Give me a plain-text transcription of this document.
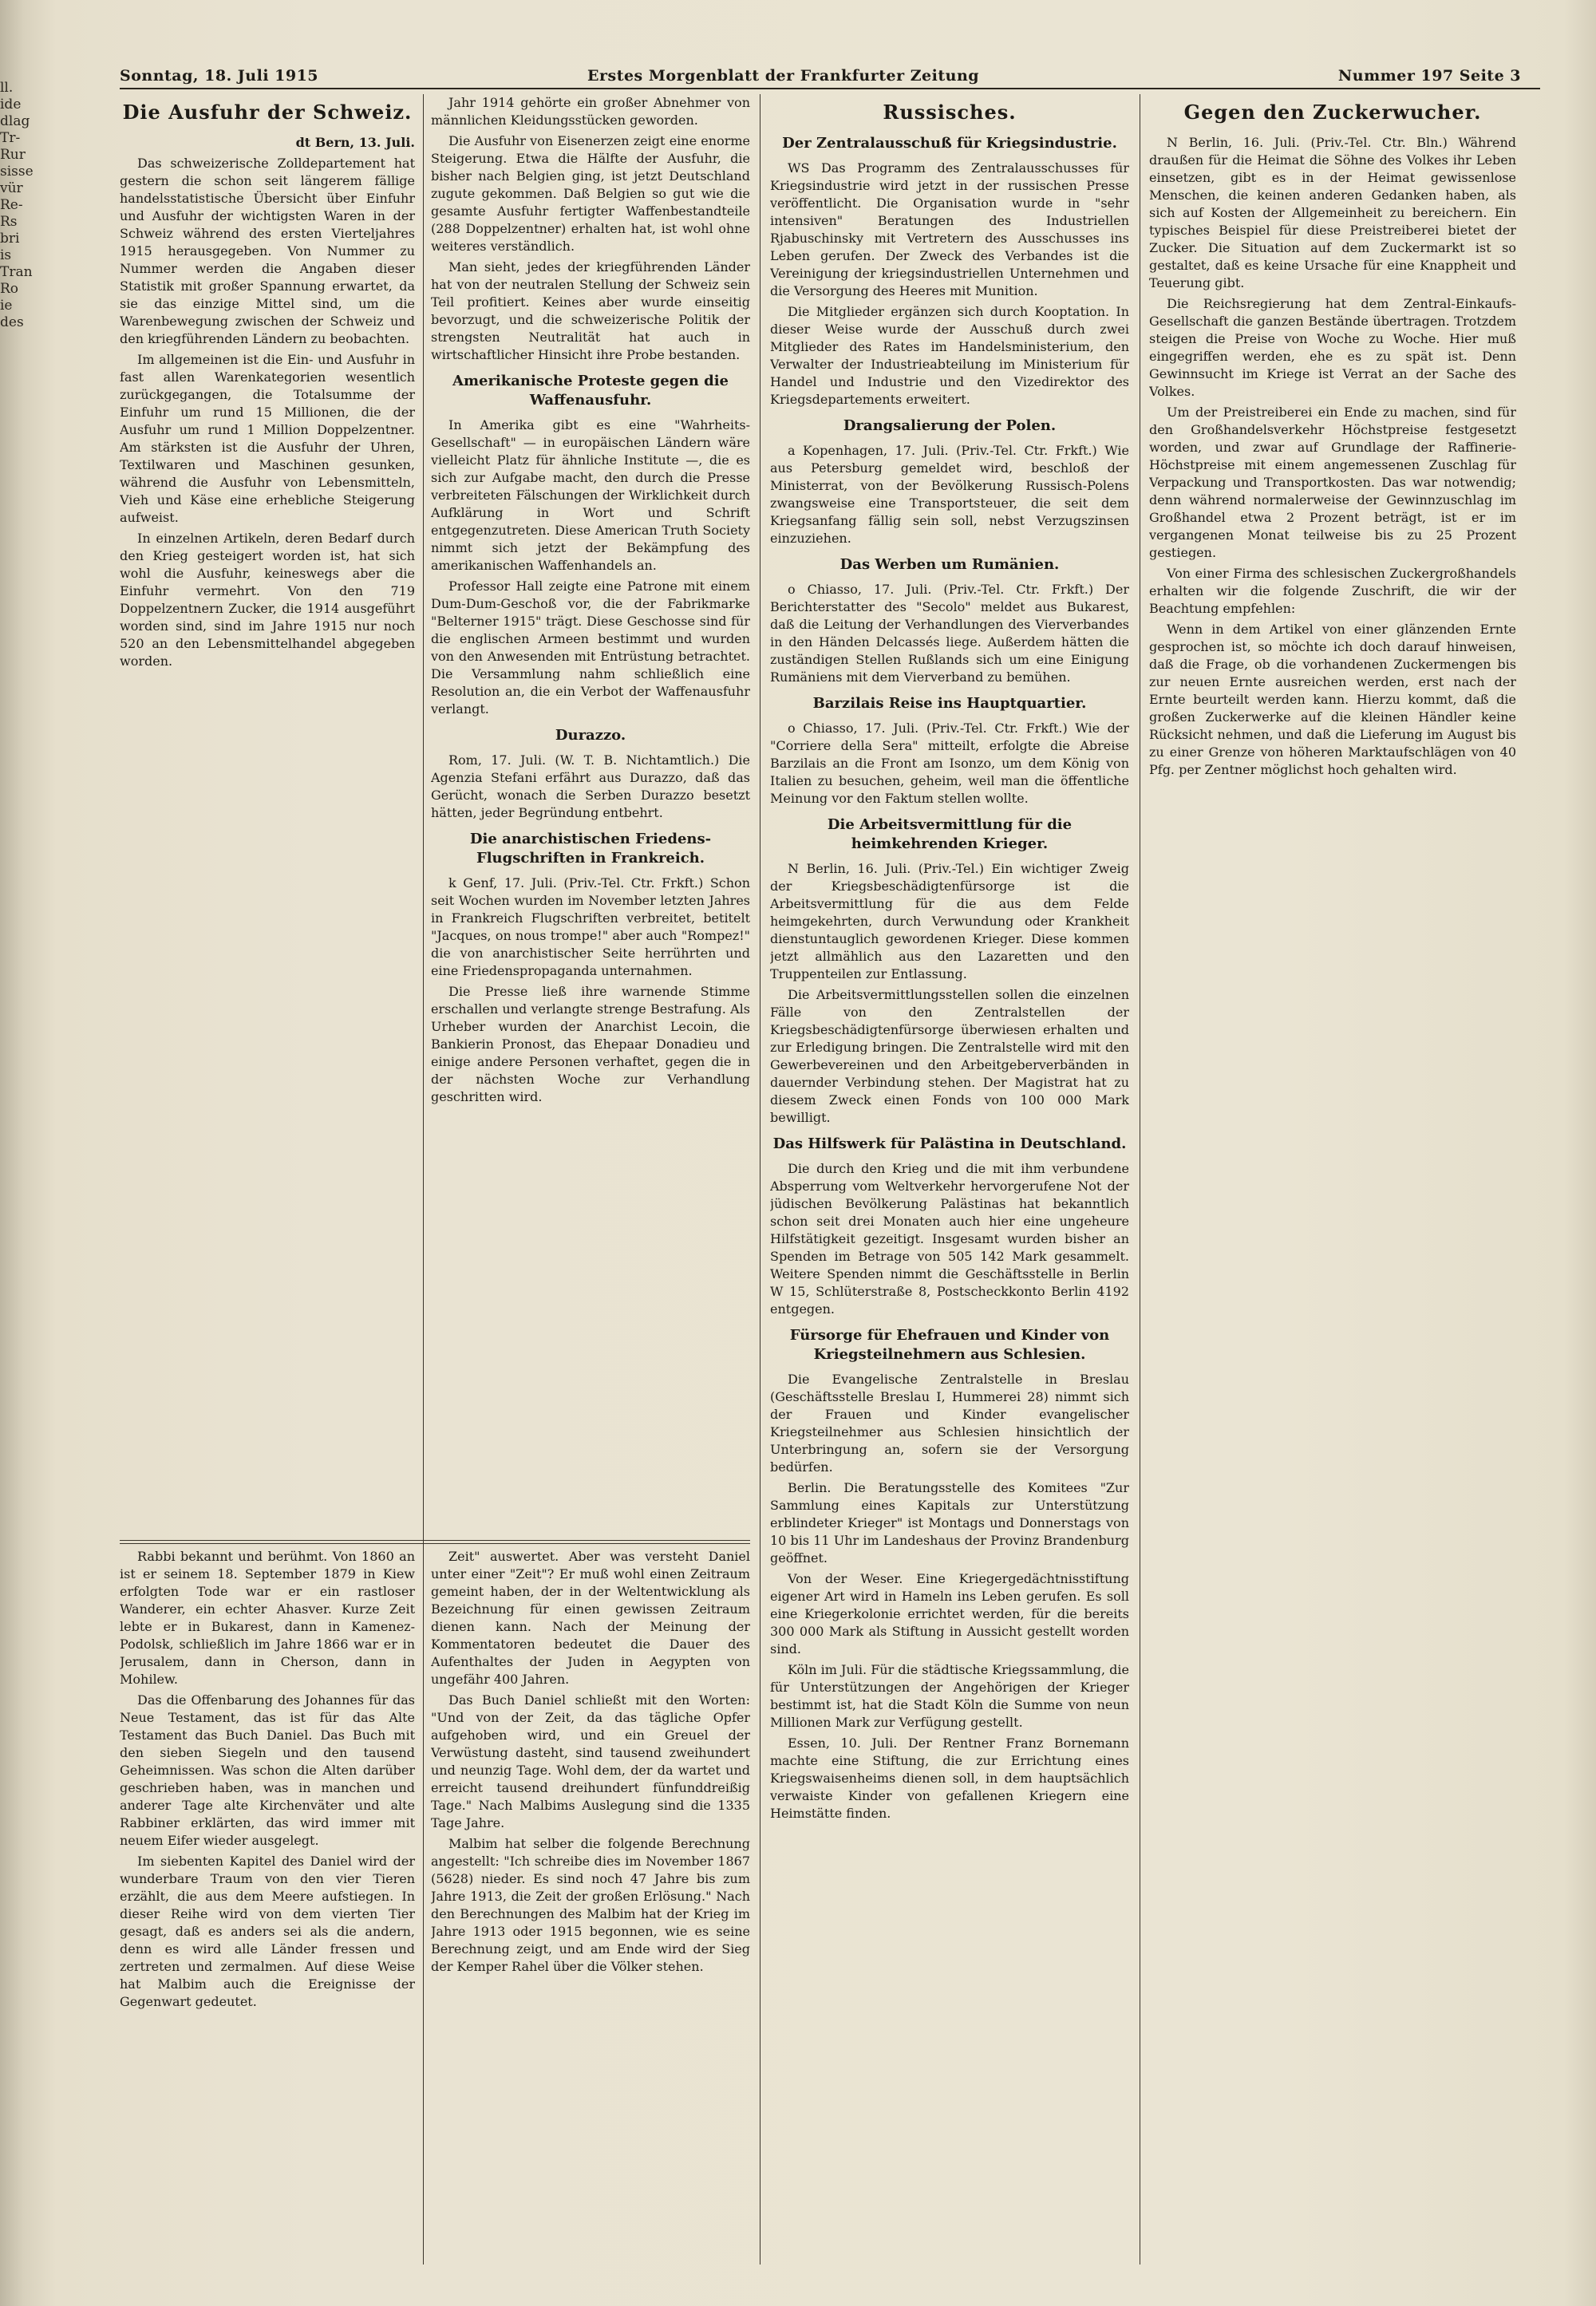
ll.
ide
dlag
Tr-
Rur
sisse
vür
Re-
Rs
bri
is
Tran
Ro
ie
des
Sonntag, 18. Juli 1915	Erstes Morgenblatt der Frankfurter Zeitung	Nummer 197 Seite 3
Die Ausfuhr der Schweiz.

dt Bern, 13. Juli.

Das schweizerische Zolldepartement hat gestern die schon seit längerem fällige handelsstatistische Übersicht über Einfuhr und Ausfuhr der wichtigsten Waren in der Schweiz während des ersten Vierteljahres 1915 herausgegeben. Von Nummer zu Nummer werden die Angaben dieser Statistik mit großer Spannung erwartet, da sie das einzige Mittel sind, um die Warenbewegung zwischen der Schweiz und den kriegführenden Ländern zu beobachten.

Im allgemeinen ist die Ein- und Ausfuhr in fast allen Warenkategorien wesentlich zurückgegangen, die Totalsumme der Einfuhr um rund 15 Millionen, die der Ausfuhr um rund 1 Million Doppelzentner. Am stärksten ist die Ausfuhr der Uhren, Textilwaren und Maschinen gesunken, während die Ausfuhr von Lebensmitteln, Vieh und Käse eine erhebliche Steigerung aufweist.

In einzelnen Artikeln, deren Bedarf durch den Krieg gesteigert worden ist, hat sich wohl die Ausfuhr, keineswegs aber die Einfuhr vermehrt. Von den 719 Doppelzentnern Zucker, die 1914 ausgeführt worden sind, sind im Jahre 1915 nur noch 520 an den Lebensmittelhandel abgegeben worden.

Jahr 1914 gehörte ein großer Abnehmer von männlichen Kleidungsstücken geworden.

Die Ausfuhr von Eisenerzen zeigt eine enorme Steigerung. Etwa die Hälfte der Ausfuhr, die bisher nach Belgien ging, ist jetzt Deutschland zugute gekommen. Daß Belgien so gut wie die gesamte Ausfuhr fertigter Waffenbestandteile (288 Doppelzentner) erhalten hat, ist wohl ohne weiteres verständlich.

Man sieht, jedes der kriegführenden Länder hat von der neutralen Stellung der Schweiz sein Teil profitiert. Keines aber wurde einseitig bevorzugt, und die schweizerische Politik der strengsten Neutralität hat auch in wirtschaftlicher Hinsicht ihre Probe bestanden.

Amerikanische Proteste gegen die Waffenausfuhr.

In Amerika gibt es eine "Wahrheits-Gesellschaft" — in europäischen Ländern wäre vielleicht Platz für ähnliche Institute —, die es sich zur Aufgabe macht, den durch die Presse verbreiteten Fälschungen der Wirklichkeit durch Aufklärung in Wort und Schrift entgegenzutreten. Diese American Truth Society nimmt sich jetzt der Bekämpfung des amerikanischen Waffenhandels an.

Professor Hall zeigte eine Patrone mit einem Dum-Dum-Geschoß vor, die der Fabrikmarke "Belterner 1915" trägt. Diese Geschosse sind für die englischen Armeen bestimmt und wurden von den Anwesenden mit Entrüstung betrachtet. Die Versammlung nahm schließlich eine Resolution an, die ein Verbot der Waffenausfuhr verlangt.

Durazzo.

Rom, 17. Juli. (W. T. B. Nichtamtlich.) Die Agenzia Stefani erfährt aus Durazzo, daß das Gerücht, wonach die Serben Durazzo besetzt hätten, jeder Begründung entbehrt.

Die anarchistischen Friedens-Flugschriften in Frankreich.

k Genf, 17. Juli. (Priv.-Tel. Ctr. Frkft.) Schon seit Wochen wurden im November letzten Jahres in Frankreich Flugschriften verbreitet, betitelt "Jacques, on nous trompe!" aber auch "Rompez!" die von anarchistischer Seite herrührten und eine Friedenspropaganda unternahmen.

Die Presse ließ ihre warnende Stimme erschallen und verlangte strenge Bestrafung. Als Urheber wurden der Anarchist Lecoin, die Bankierin Pronost, das Ehepaar Donadieu und einige andere Personen verhaftet, gegen die in der nächsten Woche zur Verhandlung geschritten wird.

Russisches.
Der Zentralausschuß für Kriegsindustrie.

WS Das Programm des Zentralausschusses für Kriegsindustrie wird jetzt in der russischen Presse veröffentlicht. Die Organisation wurde in "sehr intensiven" Beratungen des Industriellen Rjabuschinsky mit Vertretern des Ausschusses ins Leben gerufen. Der Zweck des Verbandes ist die Vereinigung der kriegsindustriellen Unternehmen und die Versorgung des Heeres mit Munition.

Die Mitglieder ergänzen sich durch Kooptation. In dieser Weise wurde der Ausschuß durch zwei Mitglieder des Rates im Handelsministerium, den Verwalter der Industrieabteilung im Ministerium für Handel und Industrie und den Vizedirektor des Kriegsdepartements erweitert.

Drangsalierung der Polen.

a Kopenhagen, 17. Juli. (Priv.-Tel. Ctr. Frkft.) Wie aus Petersburg gemeldet wird, beschloß der Ministerrat, von der Bevölkerung Russisch-Polens zwangsweise eine Transportsteuer, die seit dem Kriegsanfang fällig sein soll, nebst Verzugszinsen einzuziehen.

Das Werben um Rumänien.

o Chiasso, 17. Juli. (Priv.-Tel. Ctr. Frkft.) Der Berichterstatter des "Secolo" meldet aus Bukarest, daß die Leitung der Verhandlungen des Vierverbandes in den Händen Delcassés liege. Außerdem hätten die zuständigen Stellen Rußlands sich um eine Einigung Rumäniens mit dem Vierverband zu bemühen.

Barzilais Reise ins Hauptquartier.

o Chiasso, 17. Juli. (Priv.-Tel. Ctr. Frkft.) Wie der "Corriere della Sera" mitteilt, erfolgte die Abreise Barzilais an die Front am Isonzo, um dem König von Italien zu besuchen, geheim, weil man die öffentliche Meinung vor den Faktum stellen wollte.

Die Arbeitsvermittlung für die heimkehrenden Krieger.

N Berlin, 16. Juli. (Priv.-Tel.) Ein wichtiger Zweig der Kriegsbeschädigtenfürsorge ist die Arbeitsvermittlung für die aus dem Felde heimgekehrten, durch Verwundung oder Krankheit dienstuntauglich gewordenen Krieger. Diese kommen jetzt allmählich aus den Lazaretten und den Truppenteilen zur Entlassung.

Die Arbeitsvermittlungsstellen sollen die einzelnen Fälle von den Zentralstellen der Kriegsbeschädigtenfürsorge überwiesen erhalten und zur Erledigung bringen. Die Zentralstelle wird mit den Gewerbevereinen und den Arbeitgeberverbänden in dauernder Verbindung stehen. Der Magistrat hat zu diesem Zweck einen Fonds von 100 000 Mark bewilligt.

Das Hilfswerk für Palästina in Deutschland.

Die durch den Krieg und die mit ihm verbundene Absperrung vom Weltverkehr hervorgerufene Not der jüdischen Bevölkerung Palästinas hat bekanntlich schon seit drei Monaten auch hier eine ungeheure Hilfstätigkeit gezeitigt. Insgesamt wurden bisher an Spenden im Betrage von 505 142 Mark gesammelt. Weitere Spenden nimmt die Geschäftsstelle in Berlin W 15, Schlüterstraße 8, Postscheckkonto Berlin 4192 entgegen.

Fürsorge für Ehefrauen und Kinder von Kriegsteilnehmern aus Schlesien.

Die Evangelische Zentralstelle in Breslau (Geschäftsstelle Breslau I, Hummerei 28) nimmt sich der Frauen und Kinder evangelischer Kriegsteilnehmer aus Schlesien hinsichtlich der Unterbringung an, sofern sie der Versorgung bedürfen.

Berlin. Die Beratungsstelle des Komitees "Zur Sammlung eines Kapitals zur Unterstützung erblindeter Krieger" ist Montags und Donnerstags von 10 bis 11 Uhr im Landeshaus der Provinz Brandenburg geöffnet.

Von der Weser. Eine Kriegergedächtnisstiftung eigener Art wird in Hameln ins Leben gerufen. Es soll eine Kriegerkolonie errichtet werden, für die bereits 300 000 Mark als Stiftung in Aussicht gestellt worden sind.

Köln im Juli. Für die städtische Kriegssammlung, die für Unterstützungen der Angehörigen der Krieger bestimmt ist, hat die Stadt Köln die Summe von neun Millionen Mark zur Verfügung gestellt.

Essen, 10. Juli. Der Rentner Franz Bornemann machte eine Stiftung, die zur Errichtung eines Kriegswaisenheims dienen soll, in dem hauptsächlich verwaiste Kinder von gefallenen Kriegern eine Heimstätte finden.

Gegen den Zuckerwucher.

N Berlin, 16. Juli. (Priv.-Tel. Ctr. Bln.) Während draußen für die Heimat die Söhne des Volkes ihr Leben einsetzen, gibt es in der Heimat gewissenlose Menschen, die keinen anderen Gedanken haben, als sich auf Kosten der Allgemeinheit zu bereichern. Ein typisches Beispiel für diese Preistreiberei bietet der Zucker. Die Situation auf dem Zuckermarkt ist so gestaltet, daß es keine Ursache für eine Knappheit und Teuerung gibt.

Die Reichsregierung hat dem Zentral-Einkaufs-Gesellschaft die ganzen Bestände übertragen. Trotzdem steigen die Preise von Woche zu Woche. Hier muß eingegriffen werden, ehe es zu spät ist. Denn Gewinnsucht im Kriege ist Verrat an der Sache des Volkes.

Um der Preistreiberei ein Ende zu machen, sind für den Großhandelsverkehr Höchstpreise festgesetzt worden, und zwar auf Grundlage der Raffinerie-Höchstpreise mit einem angemessenen Zuschlag für Verpackung und Transportkosten. Das war notwendig; denn während normalerweise der Gewinnzuschlag im Großhandel etwa 2 Prozent beträgt, ist er im vergangenen Monat teilweise bis zu 25 Prozent gestiegen.

Von einer Firma des schlesischen Zuckergroßhandels erhalten wir die folgende Zuschrift, die wir der Beachtung empfehlen:

Wenn in dem Artikel von einer glänzenden Ernte gesprochen ist, so möchte ich doch darauf hinweisen, daß die Frage, ob die vorhandenen Zuckermengen bis zur neuen Ernte ausreichen werden, erst nach der Ernte beurteilt werden kann. Hierzu kommt, daß die großen Zuckerwerke auf die kleinen Händler keine Rücksicht nehmen, und daß die Lieferung im August bis zu einer Grenze von höheren Marktaufschlägen von 40 Pfg. per Zentner möglichst hoch gehalten wird.

Rabbi bekannt und berühmt. Von 1860 an ist er seinem 18. September 1879 in Kiew erfolgten Tode war er ein rastloser Wanderer, ein echter Ahasver. Kurze Zeit lebte er in Bukarest, dann in Kamenez-Podolsk, schließlich im Jahre 1866 war er in Jerusalem, dann in Cherson, dann in Mohilew.

Das die Offenbarung des Johannes für das Neue Testament, das ist für das Alte Testament das Buch Daniel. Das Buch mit den sieben Siegeln und den tausend Geheimnissen. Was schon die Alten darüber geschrieben haben, was in manchen und anderer Tage alte Kirchenväter und alte Rabbiner erklärten, das wird immer mit neuem Eifer wieder ausgelegt.

Im siebenten Kapitel des Daniel wird der wunderbare Traum von den vier Tieren erzählt, die aus dem Meere aufstiegen. In dieser Reihe wird von dem vierten Tier gesagt, daß es anders sei als die andern, denn es wird alle Länder fressen und zertreten und zermalmen. Auf diese Weise hat Malbim auch die Ereignisse der Gegenwart gedeutet.

Zeit" auswertet. Aber was versteht Daniel unter einer "Zeit"? Er muß wohl einen Zeitraum gemeint haben, der in der Weltentwicklung als Bezeichnung für einen gewissen Zeitraum dienen kann. Nach der Meinung der Kommentatoren bedeutet die Dauer des Aufenthaltes der Juden in Aegypten von ungefähr 400 Jahren.

Das Buch Daniel schließt mit den Worten: "Und von der Zeit, da das tägliche Opfer aufgehoben wird, und ein Greuel der Verwüstung dasteht, sind tausend zweihundert und neunzig Tage. Wohl dem, der da wartet und erreicht tausend dreihundert fünfunddreißig Tage." Nach Malbims Auslegung sind die 1335 Tage Jahre.

Malbim hat selber die folgende Berechnung angestellt: "Ich schreibe dies im November 1867 (5628) nieder. Es sind noch 47 Jahre bis zum Jahre 1913, die Zeit der großen Erlösung." Nach den Berechnungen des Malbim hat der Krieg im Jahre 1913 oder 1915 begonnen, wie es seine Berechnung zeigt, und am Ende wird der Sieg der Kemper Rahel über die Völker stehen.
